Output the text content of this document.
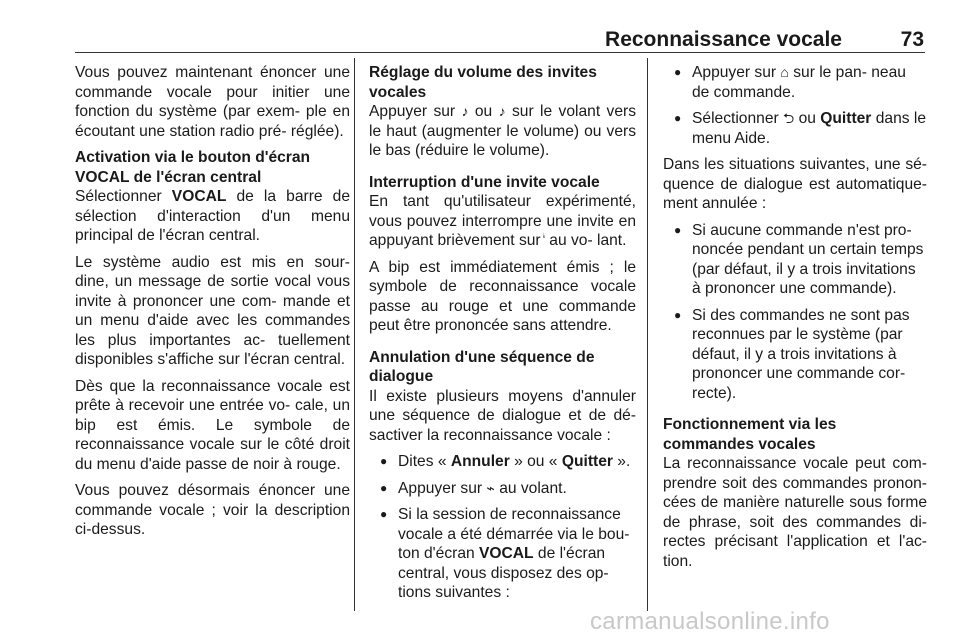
Reconnaissance vocale	73

Vous pouvez maintenant énoncer une commande vocale pour initier une fonction du système (par exem- ple en écoutant une station radio pré- réglée).

Activation via le bouton d'écran VOCAL de l'écran central

Sélectionner VOCAL de la barre de sélection d'interaction d'un menu principal de l'écran central.

Le système audio est mis en sour- dine, un message de sortie vocal vous invite à prononcer une com- mande et un menu d'aide avec les commandes les plus importantes ac- tuellement disponibles s'affiche sur l'écran central.

Dès que la reconnaissance vocale est prête à recevoir une entrée vo- cale, un bip est émis. Le symbole de reconnaissance vocale sur le côté droit du menu d'aide passe de noir à rouge.

Vous pouvez désormais énoncer une commande vocale ; voir la description ci-dessus.

Réglage du volume des invites vocales

Appuyer sur ♪ ou ♪ sur le volant vers le haut (augmenter le volume) ou vers le bas (réduire le volume).

Interruption d'une invite vocale

En tant qu'utilisateur expérimenté, vous pouvez interrompre une invite en appuyant brièvement sur  au vo- lant.

A bip est immédiatement émis ; le symbole de reconnaissance vocale passe au rouge et une commande peut être prononcée sans attendre.

Annulation d'une séquence de dialogue

Il existe plusieurs moyens d'annuler une séquence de dialogue et de dé- sactiver la reconnaissance vocale :

● Dites « Annuler » ou « Quitter ».
● Appuyer sur ⌁ au volant.
● Si la session de reconnaissance vocale a été démarrée via le bou- ton d'écran VOCAL de l'écran central, vous disposez des op- tions suivantes :
● Appuyer sur ⌂ sur le pan- neau de commande.
● Sélectionner ⮌ ou Quitter dans le menu Aide.

Dans les situations suivantes, une sé- quence de dialogue est automatique- ment annulée :

● Si aucune commande n'est pro- noncée pendant un certain temps (par défaut, il y a trois invitations à prononcer une commande).
● Si des commandes ne sont pas reconnues par le système (par défaut, il y a trois invitations à prononcer une commande cor- recte).

Fonctionnement via les commandes vocales

La reconnaissance vocale peut com- prendre soit des commandes pronon- cées de manière naturelle sous forme de phrase, soit des commandes di- rectes précisant l'application et l'ac- tion.

carmanualsonline.info
